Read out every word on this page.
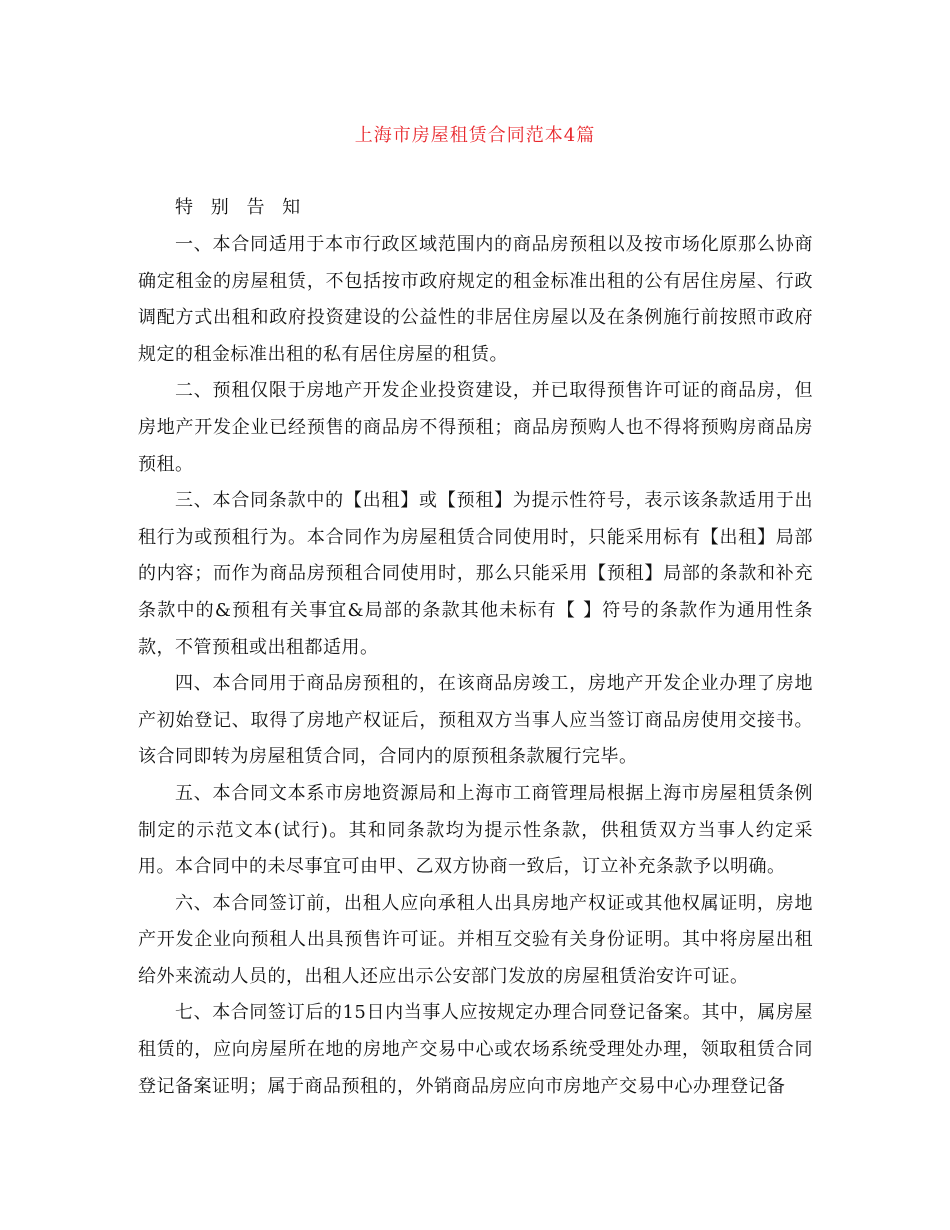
上海市房屋租赁合同范本4篇
特 别 告 知

一、本合同适用于本市行政区域范围内的商品房预租以及按市场化原那么协商确定租金的房屋租赁，不包括按市政府规定的租金标准出租的公有居住房屋、行政调配方式出租和政府投资建设的公益性的非居住房屋以及在条例施行前按照市政府规定的租金标准出租的私有居住房屋的租赁。

二、预租仅限于房地产开发企业投资建设，并已取得预售许可证的商品房，但房地产开发企业已经预售的商品房不得预租；商品房预购人也不得将预购房商品房预租。

三、本合同条款中的【出租】或【预租】为提示性符号，表示该条款适用于出租行为或预租行为。本合同作为房屋租赁合同使用时，只能采用标有【出租】局部的内容；而作为商品房预租合同使用时，那么只能采用【预租】局部的条款和补充条款中的&预租有关事宜&局部的条款其他未标有【 】符号的条款作为通用性条款，不管预租或出租都适用。

四、本合同用于商品房预租的，在该商品房竣工，房地产开发企业办理了房地产初始登记、取得了房地产权证后，预租双方当事人应当签订商品房使用交接书。该合同即转为房屋租赁合同，合同内的原预租条款履行完毕。

五、本合同文本系市房地资源局和上海市工商管理局根据上海市房屋租赁条例制定的示范文本(试行)。其和同条款均为提示性条款，供租赁双方当事人约定采用。本合同中的未尽事宜可由甲、乙双方协商一致后，订立补充条款予以明确。

六、本合同签订前，出租人应向承租人出具房地产权证或其他权属证明，房地产开发企业向预租人出具预售许可证。并相互交验有关身份证明。其中将房屋出租给外来流动人员的，出租人还应出示公安部门发放的房屋租赁治安许可证。

七、本合同签订后的15日内当事人应按规定办理合同登记备案。其中，属房屋租赁的，应向房屋所在地的房地产交易中心或农场系统受理处办理，领取租赁合同登记备案证明；属于商品预租的，外销商品房应向市房地产交易中心办理登记备
